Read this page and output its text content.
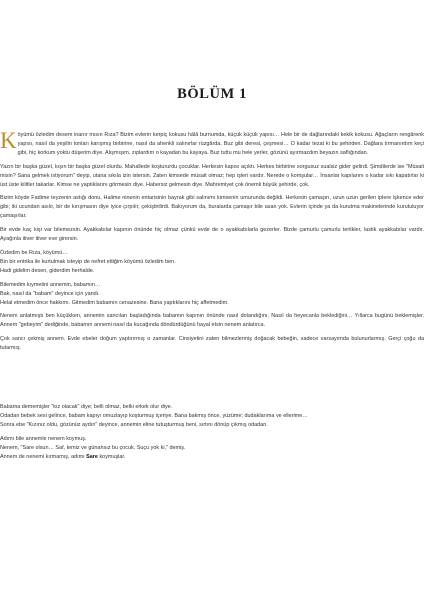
BÖLÜM 1

Köyümü özledim desem inanır mısın Rıza? Bizim evlerin kerpiç kokusu hâlâ burnumda, küçük küçük yapısı… Hele bir de dağlarındaki kekik kokusu. Ağaçların rengârenk yapısı, nasıl da yeşilin tonları karışmış birbirine, nasıl da ahenkli salınırlar rüzgârda. Buz gibi deresi, çeşmesi… O kadar tezat ki bu şehirden. Dağlara tırmanırdım keçi gibi, hiç korkum yoktu düşerim diye. Alışmışım, zıplardım o kayadan bu kayaya. Buz tuttu mu hele yerler, gözünü ayırmazdım beyazın saflığından.

Yazın bir başka güzel, kışın bir başka güzel olurdu. Mahallede koştururdu çocuklar. Herkesin kapısı açıktı. Herkes birbirine sorgusuz sualsiz gider gelirdi. Şimdilerde ise "Müsait misin? Sana gelmek istiyorum" deyip, utana sıkıla izin istersin. Zaten kimsede müsait olmaz; hep işleri vardır. Nerede o komşular… İnsanlar kapılarını o kadar sıkı kapatırlar ki üst üste kilitler takarlar. Kimse ne yaptıklarını görmesin diye. Habersiz gelmesin diye. Mahremiyet çok önemli büyük şehirde, çok.

Bizim köyde Fadime teyzenin astığı donu, Halime ninenin entarisinin bayrak gibi salınımı kimsenin umurunda değildi. Herkesin çamaşırı, uzun uzun gerilen iplere işkence eder gibi; iki ucundan asılır, bir de kırışmasın diye iyice çırpılır, çekiştirilirdi. Bakıyorum da, buralarda çamaşır bile asan yok. Evlerin içinde ya da kurutma makinelerinde kurutuluyor çamaşırlar.

Bir evde kaç kişi var bilemezsin. Ayakkabılar kapının önünde hiç olmaz çünkü evde de o ayakkabılarla gezerler. Bizde çamurlu çamurlu terlikler, lastik ayakkabılar vardır. Ayağınla itiver itiver eve girersin.

Özledim be Rıza, köyümü…
Bin bir entrika ile kurtulmak isteyip de nefret ettiğim köyümü özledim ben.
Hadi gidelim desen, giderdim herhalde.
Bilemedim kıymetini annemin, babamın…
Bak, nasıl da "babam" deyince için yandı.
Helal etmedim önce hakkımı. Gitmedim babamın cenazesine. Bana yaptıklarını hiç affetmedim.

Nenem anlatmıştı ben küçükken, annemin sancıları başladığında babamın kapının önünde nasıl dolandığını. Nasıl da heyecanla beklediğini… Yıllarca bugünü beklemişler. Annem "gebeyim" dediğinde, babamın annemi nasıl da kucağında döndürdüğünü hayal etsin nenem anlatırca.

Çok sancı çekmiş annem. Evde ebeler doğum yaptırırmış o zamanlar. Cinsiyetini zaten bilmezlermiş doğacak bebeğin, sadece varsayımda bulunurlarmış. Gerçi çoğu da tutarmış.

Babama dememişler "kız olacak" diye; belli olmaz, belki erkek olur diye.
Odadan bebek sesi gelince, babam kapıyı omuzlayıp koşturmuş içeriye. Bana bakmış önce, yüzüme; dudaklarıma ve ellerime…
Sonra ebe "Kızınız oldu, gözünüz aydın" deyince, annemin eline tutuşturmuş beni, sırtını dönüp çıkmış odadan.
Adımı bile annemle nenem koymuş.
Nenem, "Sare olsun… Saf, temiz ve günahsız bu çocuk. Suçu yok ki," demiş.
Annem de nenemi kırmamış, adımı Sare koymuşlar.
